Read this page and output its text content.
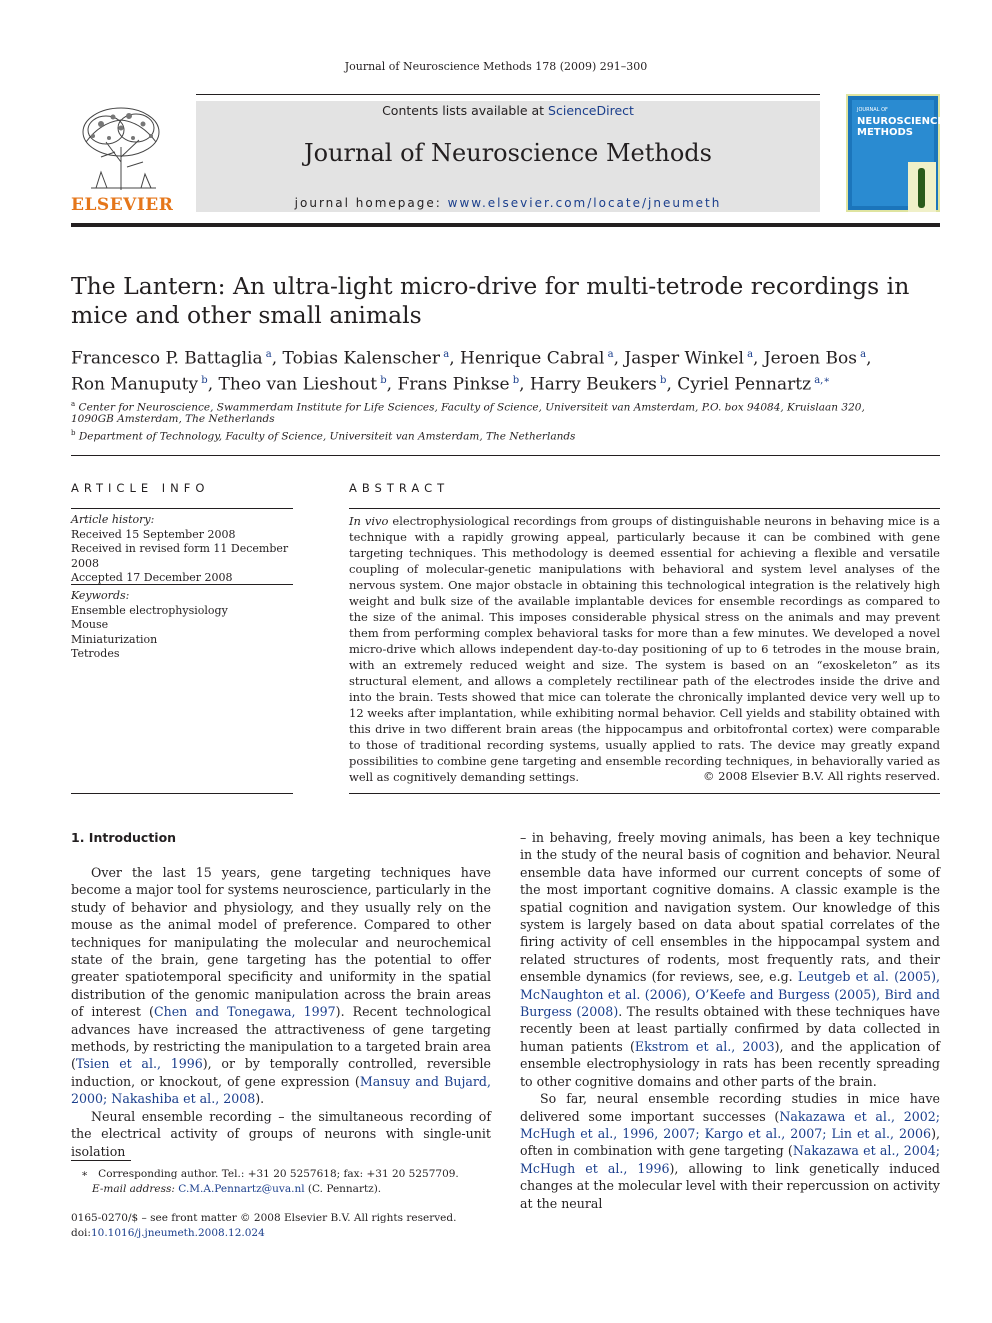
Journal of Neuroscience Methods 178 (2009) 291–300
ELSEVIER
Contents lists available at ScienceDirect
Journal of Neuroscience Methods
journal homepage: www.elsevier.com/locate/jneumeth
JOURNAL OF
NEUROSCIENCE
METHODS
The Lantern: An ultra-light micro-drive for multi-tetrode recordings in mice and other small animals
Francesco P. Battaglia $^a$, Tobias Kalenscher $^a$, Henrique Cabral $^a$, Jasper Winkel $^a$, Jeroen Bos $^a$,
Ron Manuputy $^b$, Theo van Lieshout $^b$, Frans Pinkse $^b$, Harry Beukers $^b$, Cyriel Pennartz $^{a,∗}$
$^a$ Center for Neuroscience, Swammerdam Institute for Life Sciences, Faculty of Science, Universiteit van Amsterdam, P.O. box 94084, Kruislaan 320,
1090GB Amsterdam, The Netherlands
$^b$ Department of Technology, Faculty of Science, Universiteit van Amsterdam, The Netherlands
ARTICLE INFO
Article history:
Received 15 September 2008
Received in revised form 11 December 2008
Accepted 17 December 2008
Keywords:
Ensemble electrophysiology
Mouse
Miniaturization
Tetrodes
ABSTRACT
In vivo electrophysiological recordings from groups of distinguishable neurons in behaving mice is a technique with a rapidly growing appeal, particularly because it can be combined with gene targeting techniques. This methodology is deemed essential for achieving a flexible and versatile coupling of molecular-genetic manipulations with behavioral and system level analyses of the nervous system. One major obstacle in obtaining this technological integration is the relatively high weight and bulk size of the available implantable devices for ensemble recordings as compared to the size of the animal. This imposes considerable physical stress on the animals and may prevent them from performing complex behavioral tasks for more than a few minutes. We developed a novel micro-drive which allows independent day-to-day positioning of up to 6 tetrodes in the mouse brain, with an extremely reduced weight and size. The system is based on an “exoskeleton” as its structural element, and allows a completely rectilinear path of the electrodes inside the drive and into the brain. Tests showed that mice can tolerate the chronically implanted device very well up to 12 weeks after implantation, while exhibiting normal behavior. Cell yields and stability obtained with this drive in two different brain areas (the hippocampus and orbitofrontal cortex) were comparable to those of traditional recording systems, usually applied to rats. The device may greatly expand possibilities to combine gene targeting and ensemble recording techniques, in behaviorally varied as well as cognitively demanding settings.	© 2008 Elsevier B.V. All rights reserved.
1. Introduction

Over the last 15 years, gene targeting techniques have become a major tool for systems neuroscience, particularly in the study of behavior and physiology, and they usually rely on the mouse as the animal model of preference. Compared to other techniques for manipulating the molecular and neurochemical state of the brain, gene targeting has the potential to offer greater spatiotemporal specificity and uniformity in the spatial distribution of the genomic manipulation across the brain areas of interest (Chen and Tonegawa, 1997). Recent technological advances have increased the attractiveness of gene targeting methods, by restricting the manipulation to a targeted brain area (Tsien et al., 1996), or by temporally controlled, reversible induction, or knockout, of gene expression (Mansuy and Bujard, 2000; Nakashiba et al., 2008).

Neural ensemble recording – the simultaneous recording of the electrical activity of groups of neurons with single-unit isolation

– in behaving, freely moving animals, has been a key technique in the study of the neural basis of cognition and behavior. Neural ensemble data have informed our current concepts of some of the most important cognitive domains. A classic example is the spatial cognition and navigation system. Our knowledge of this system is largely based on data about spatial correlates of the firing activity of cell ensembles in the hippocampal system and related structures of rodents, most frequently rats, and their ensemble dynamics (for reviews, see, e.g. Leutgeb et al. (2005), McNaughton et al. (2006), O’Keefe and Burgess (2005), Bird and Burgess (2008). The results obtained with these techniques have recently been at least partially confirmed by data collected in human patients (Ekstrom et al., 2003), and the application of ensemble electrophysiology in rats has been recently spreading to other cognitive domains and other parts of the brain.

So far, neural ensemble recording studies in mice have delivered some important successes (Nakazawa et al., 2002; McHugh et al., 1996, 2007; Kargo et al., 2007; Lin et al., 2006), often in combination with gene targeting (Nakazawa et al., 2004; McHugh et al., 1996), allowing to link genetically induced changes at the molecular level with their repercussion on activity at the neural

∗ Corresponding author. Tel.: +31 20 5257618; fax: +31 20 5257709.
E-mail address: C.M.A.Pennartz@uva.nl (C. Pennartz).
0165-0270/$ – see front matter © 2008 Elsevier B.V. All rights reserved.
doi:10.1016/j.jneumeth.2008.12.024
